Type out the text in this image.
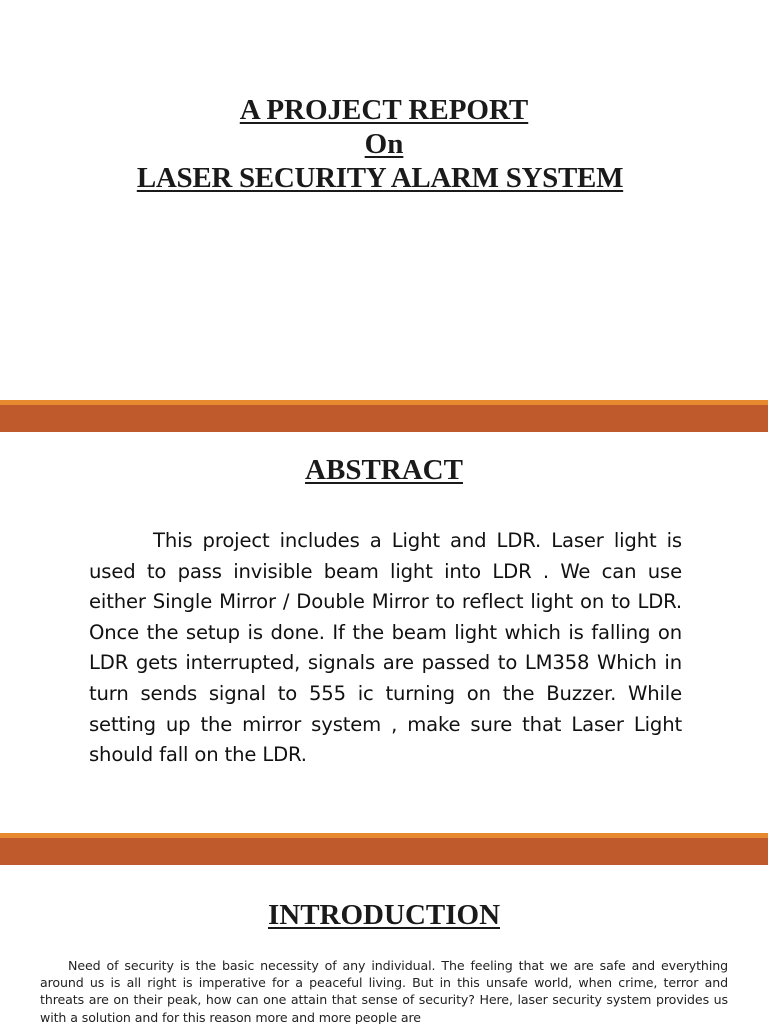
A PROJECT REPORT
On
LASER SECURITY ALARM SYSTEM
ABSTRACT

This project includes a Light and LDR. Laser light is used to pass invisible beam light into LDR . We can use either Single Mirror / Double Mirror to reflect light on to LDR. Once the setup is done. If the beam light which is falling on LDR gets interrupted, signals are passed to LM358 Which in turn sends signal to 555 ic turning on the Buzzer. While setting up the mirror system , make sure that Laser Light should fall on the LDR.

INTRODUCTION

Need of security is the basic necessity of any individual. The feeling that we are safe and everything around us is all right is imperative for a peaceful living. But in this unsafe world, when crime, terror and threats are on their peak, how can one attain that sense of security? Here, laser security system provides us with a solution and for this reason more and more people are
